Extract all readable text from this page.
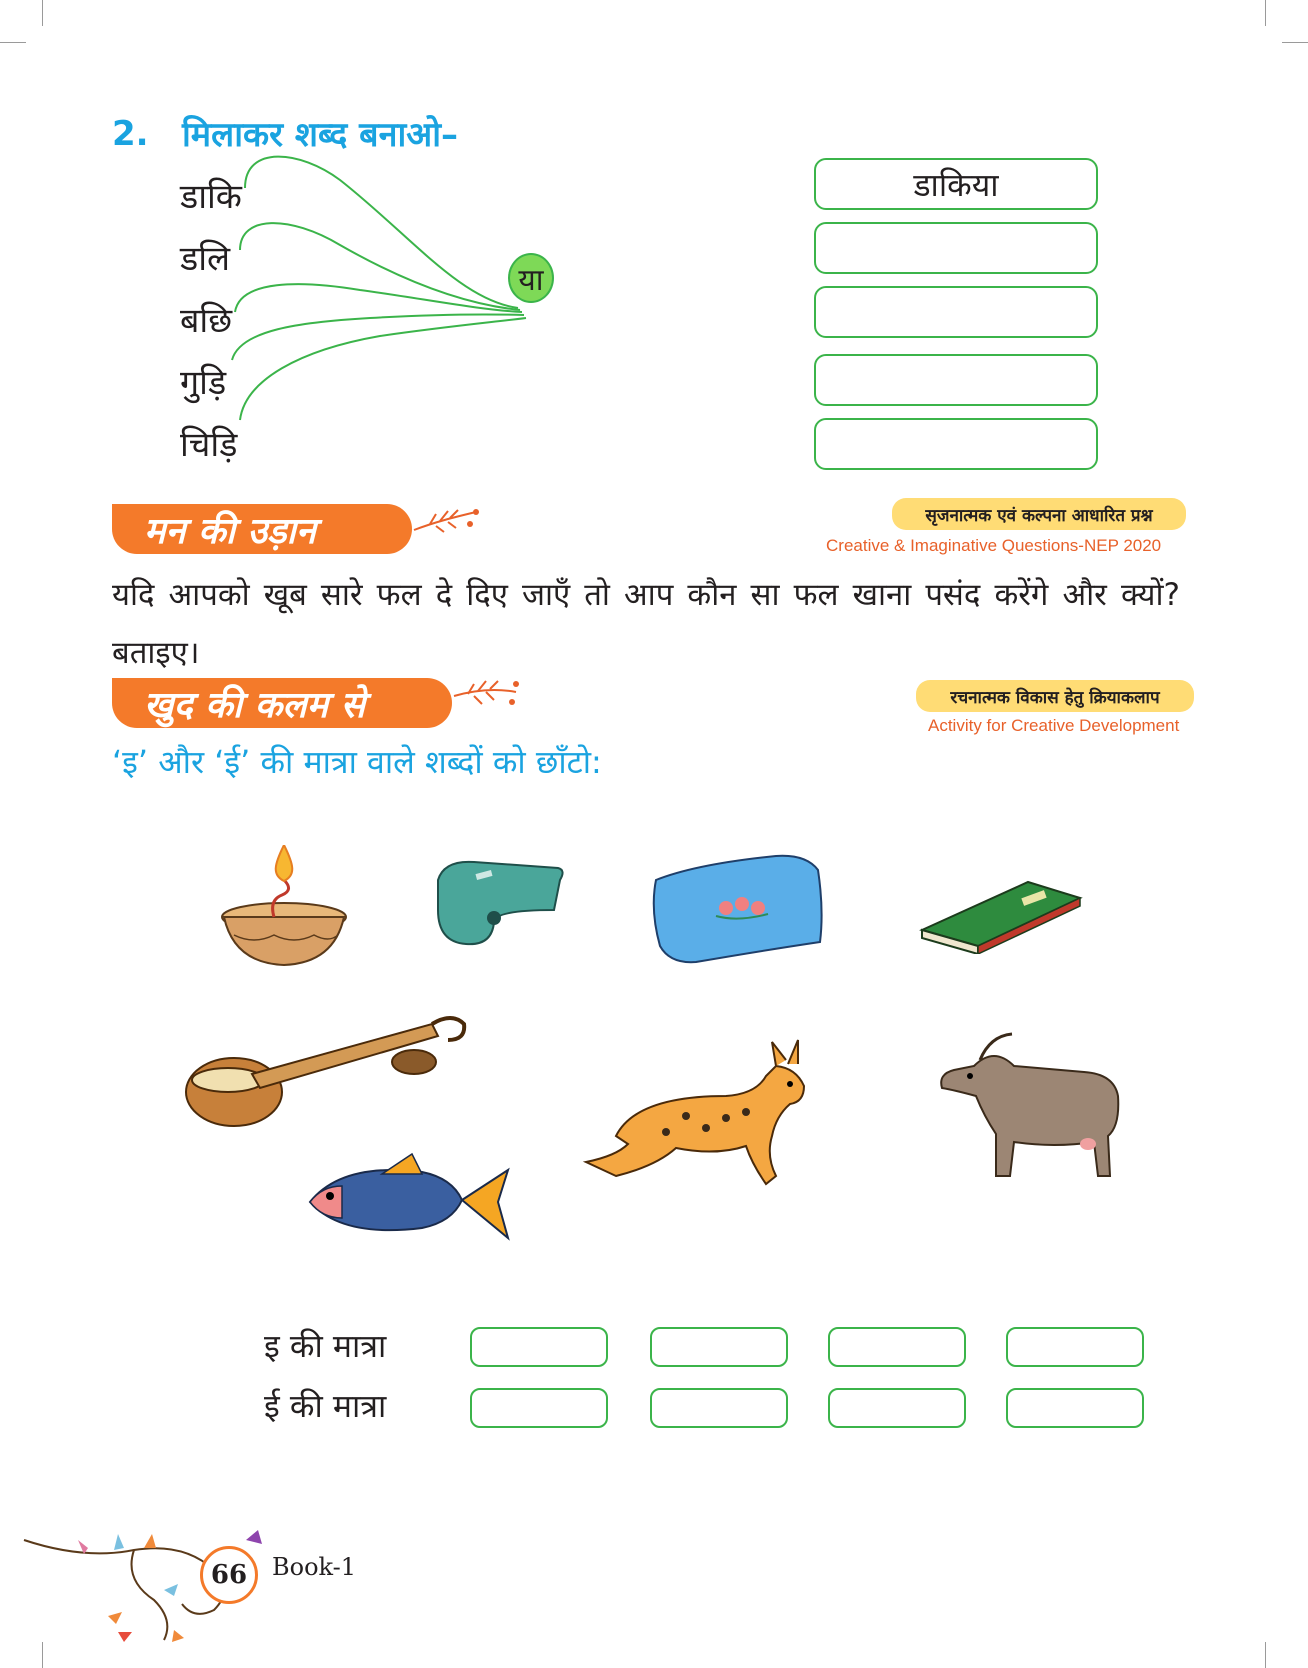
2. मिलाकर शब्द बनाओ–
डाकि
डलि
बछि
गुड़ि
चिड़ि
या
डाकिया
मन की उड़ान	सृजनात्मक एवं कल्पना आधारित प्रश्न
Creative & Imaginative Questions-NEP 2020
यदि आपको खूब सारे फल दे दिए जाएँ तो आप कौन सा फल खाना पसंद करेंगे और क्यों? बताइए।
खुद की कलम से	रचनात्मक विकास हेतु क्रियाकलाप
Activity for Creative Development
‘इ’ और ‘ई’ की मात्रा वाले शब्दों को छाँटो:
इ की मात्रा
ई की मात्रा
66	Book-1
